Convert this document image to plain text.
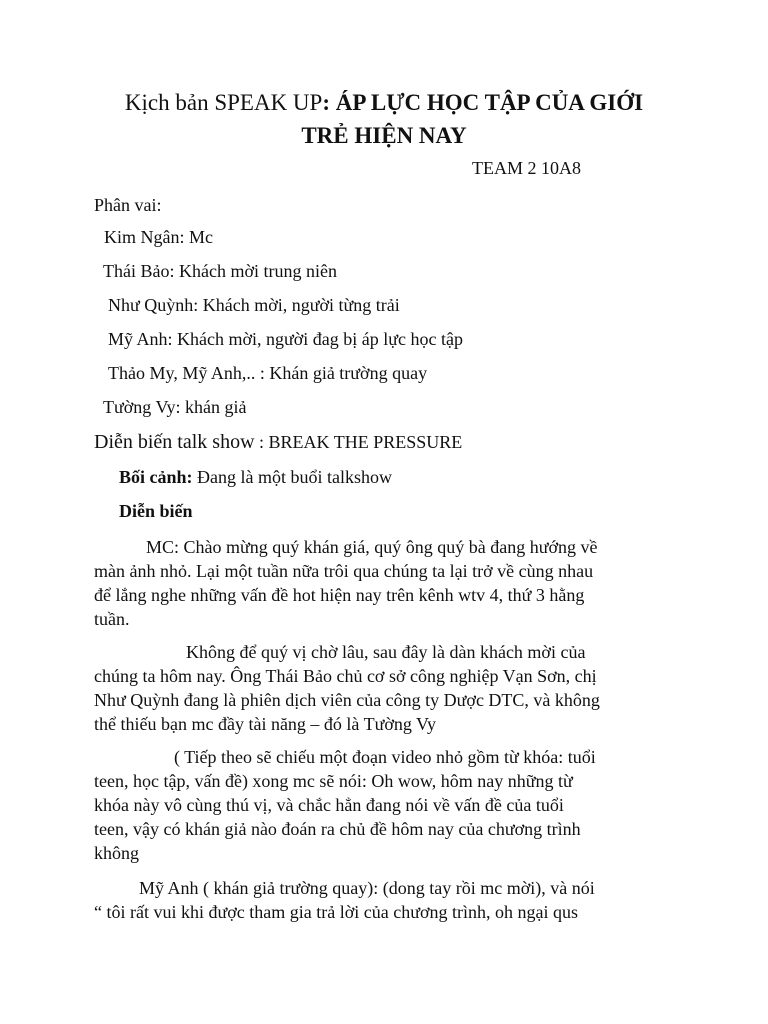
Kịch bản SPEAK UP: ÁP LỰC HỌC TẬP CỦA GIỚI
TRẺ HIỆN NAY
TEAM 2 10A8
Phân vai:
Kim Ngân: Mc
Thái Bảo: Khách mời trung niên
Như Quỳnh: Khách mời, người từng trải
Mỹ Anh: Khách mời, người đag bị áp lực học tập
Thảo My, Mỹ Anh,.. : Khán giả trường quay
Tường Vy: khán giả
Diễn biến talk show : BREAK THE PRESSURE
Bối cảnh: Đang là một buổi talkshow
Diễn biến
MC: Chào mừng quý khán giá, quý ông quý bà đang hướng về
màn ảnh nhỏ. Lại một tuần nữa trôi qua chúng ta lại trở về cùng nhau
để lắng nghe những vấn đề hot hiện nay trên kênh wtv 4, thứ 3 hằng
tuần.
Không để quý vị chờ lâu, sau đây là dàn khách mời của
chúng ta hôm nay. Ông Thái Bảo chủ cơ sở công nghiệp Vạn Sơn, chị
Như Quỳnh đang là phiên dịch viên của công ty Dược DTC, và không
thể thiếu bạn mc đầy tài năng – đó là Tường Vy
( Tiếp theo sẽ chiếu một đoạn video nhỏ gồm từ khóa: tuổi
teen, học tập, vấn đề) xong mc sẽ nói: Oh wow, hôm nay những từ
khóa này vô cùng thú vị, và chắc hẳn đang nói về vấn đề của tuổi
teen, vậy có khán giả nào đoán ra chủ đề hôm nay của chương trình
không
Mỹ Anh ( khán giả trường quay): (dong tay rồi mc mời), và nói
“ tôi rất vui khi được tham gia trả lời của chương trình, oh ngại qus
